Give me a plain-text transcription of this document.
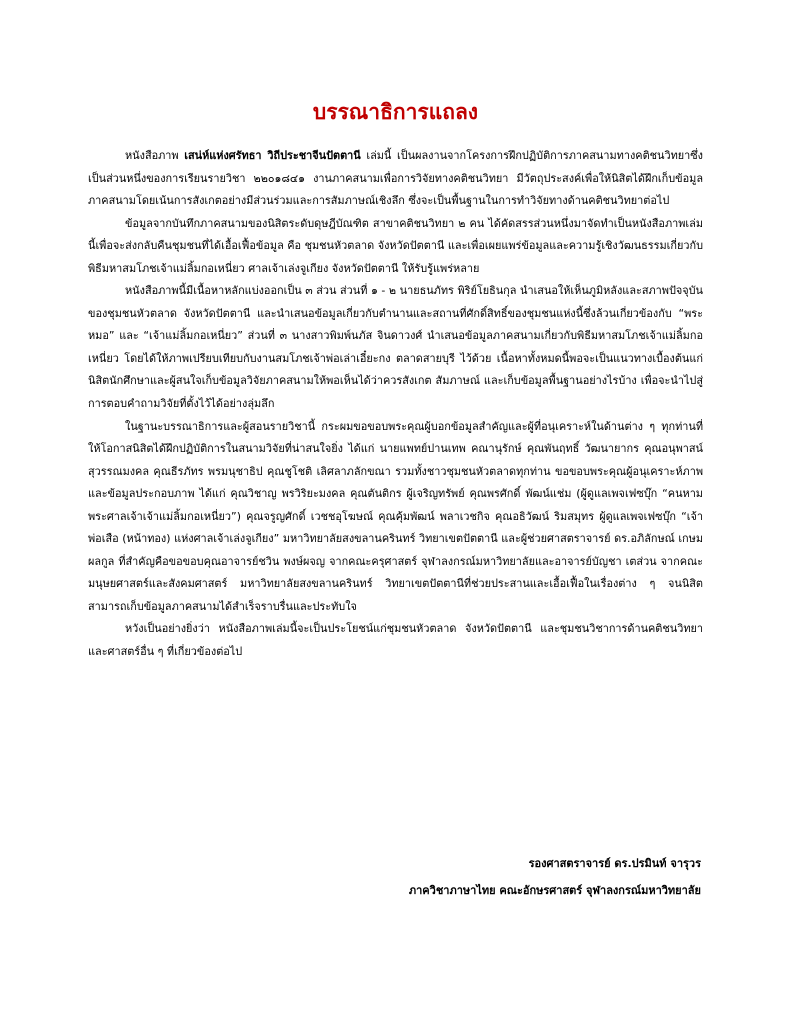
บรรณาธิการแถลง

หนังสือภาพ เสน่ห์แห่งศรัทธา วิถีประชาจีนปัตตานี เล่มนี้ เป็นผลงานจากโครงการฝึกปฏิบัติการภาคสนามทางคติชนวิทยาซึ่งเป็นส่วนหนึ่งของการเรียนรายวิชา ๒๒๐๑๘๔๑ งานภาคสนามเพื่อการวิจัยทางคติชนวิทยา มีวัตถุประสงค์เพื่อให้นิสิตได้ฝึกเก็บข้อมูลภาคสนามโดยเน้นการสังเกตอย่างมีส่วนร่วมและการสัมภาษณ์เชิงลึก ซึ่งจะเป็นพื้นฐานในการทำวิจัยทางด้านคติชนวิทยาต่อไป

ข้อมูลจากบันทึกภาคสนามของนิสิตระดับดุษฎีบัณฑิต สาขาคติชนวิทยา ๒ คน ได้คัดสรรส่วนหนึ่งมาจัดทำเป็นหนังสือภาพเล่มนี้เพื่อจะส่งกลับคืนชุมชนที่ได้เอื้อเฟื้อข้อมูล คือ ชุมชนหัวตลาด จังหวัดปัตตานี และเพื่อเผยแพร่ข้อมูลและความรู้เชิงวัฒนธรรมเกี่ยวกับพิธีมหาสมโภชเจ้าแม่ลิ้มกอเหนี่ยว ศาลเจ้าเล่งจูเกียง จังหวัดปัตตานี ให้รับรู้แพร่หลาย

หนังสือภาพนี้มีเนื้อหาหลักแบ่งออกเป็น ๓ ส่วน ส่วนที่ ๑ - ๒ นายธนภัทร พิริย์โยธินกุล นำเสนอให้เห็นภูมิหลังและสภาพปัจจุบันของชุมชนหัวตลาด จังหวัดปัตตานี และนำเสนอข้อมูลเกี่ยวกับตำนานและสถานที่ศักดิ์สิทธิ์ของชุมชนแห่งนี้ซึ่งล้วนเกี่ยวข้องกับ “พระหมอ” และ “เจ้าแม่ลิ้มกอเหนี่ยว” ส่วนที่ ๓ นางสาวพิมพ์นภัส จินดาวงศ์ นำเสนอข้อมูลภาคสนามเกี่ยวกับพิธีมหาสมโภชเจ้าแม่ลิ้มกอเหนี่ยว โดยได้ให้ภาพเปรียบเทียบกับงานสมโภชเจ้าพ่อเล่าเอี๋ยะกง ตลาดสายบุรี ไว้ด้วย เนื้อหาทั้งหมดนี้พอจะเป็นแนวทางเบื้องต้นแก่นิสิตนักศึกษาและผู้สนใจเก็บข้อมูลวิจัยภาคสนามให้พอเห็นได้ว่าควรสังเกต สัมภาษณ์ และเก็บข้อมูลพื้นฐานอย่างไรบ้าง เพื่อจะนำไปสู่การตอบคำถามวิจัยที่ตั้งไว้ได้อย่างลุ่มลึก

ในฐานะบรรณาธิการและผู้สอนรายวิชานี้ กระผมขอขอบพระคุณผู้บอกข้อมูลสำคัญและผู้ที่อนุเคราะห์ในด้านต่าง ๆ ทุกท่านที่ให้โอกาสนิสิตได้ฝึกปฏิบัติการในสนามวิจัยที่น่าสนใจยิ่ง ได้แก่ นายแพทย์ปานเทพ คณานุรักษ์ คุณพันฤทธิ์ วัฒนายากร คุณอนุพาสน์ สุวรรณมงคล คุณธีรภัทร พรมนุชาธิป คุณชูโชติ เลิศลาภลักขณา รวมทั้งชาวชุมชนหัวตลาดทุกท่าน ขอขอบพระคุณผู้อนุเคราะห์ภาพและข้อมูลประกอบภาพ ได้แก่ คุณวิชาญ พรวิริยะมงคล คุณตันติกร ผู้เจริญทรัพย์ คุณพรศักดิ์ พัฒน์แช่ม (ผู้ดูแลเพจเฟซบุ๊ก “คนหามพระศาลเจ้าเจ้าแม่ลิ้มกอเหนี่ยว”) คุณจรูญศักดิ์ เวชชอุโฆษณ์ คุณคุ้มพัฒน์ พลาเวชกิจ คุณอธิวัฒน์ ริมสมุทร ผู้ดูแลเพจเฟซบุ๊ก “เจ้าพ่อเสือ (หน้าทอง) แห่งศาลเจ้าเล่งจูเกียง” มหาวิทยาลัยสงขลานครินทร์ วิทยาเขตปัตตานี และผู้ช่วยศาสตราจารย์ ดร.อภิลักษณ์ เกษมผลกูล ที่สำคัญคือขอขอบคุณอาจารย์ชวิน พงษ์ผจญ จากคณะครุศาสตร์ จุฬาลงกรณ์มหาวิทยาลัยและอาจารย์บัญชา เตส่วน จากคณะมนุษยศาสตร์และสังคมศาสตร์ มหาวิทยาลัยสงขลานครินทร์ วิทยาเขตปัตตานีที่ช่วยประสานและเอื้อเฟื้อในเรื่องต่าง ๆ จนนิสิตสามารถเก็บข้อมูลภาคสนามได้สำเร็จราบรื่นและประทับใจ

หวังเป็นอย่างยิ่งว่า หนังสือภาพเล่มนี้จะเป็นประโยชน์แก่ชุมชนหัวตลาด จังหวัดปัตตานี และชุมชนวิชาการด้านคติชนวิทยาและศาสตร์อื่น ๆ ที่เกี่ยวข้องต่อไป

รองศาสตราจารย์ ดร.ปรมินท์ จารุวร
ภาควิชาภาษาไทย คณะอักษรศาสตร์ จุฬาลงกรณ์มหาวิทยาลัย
